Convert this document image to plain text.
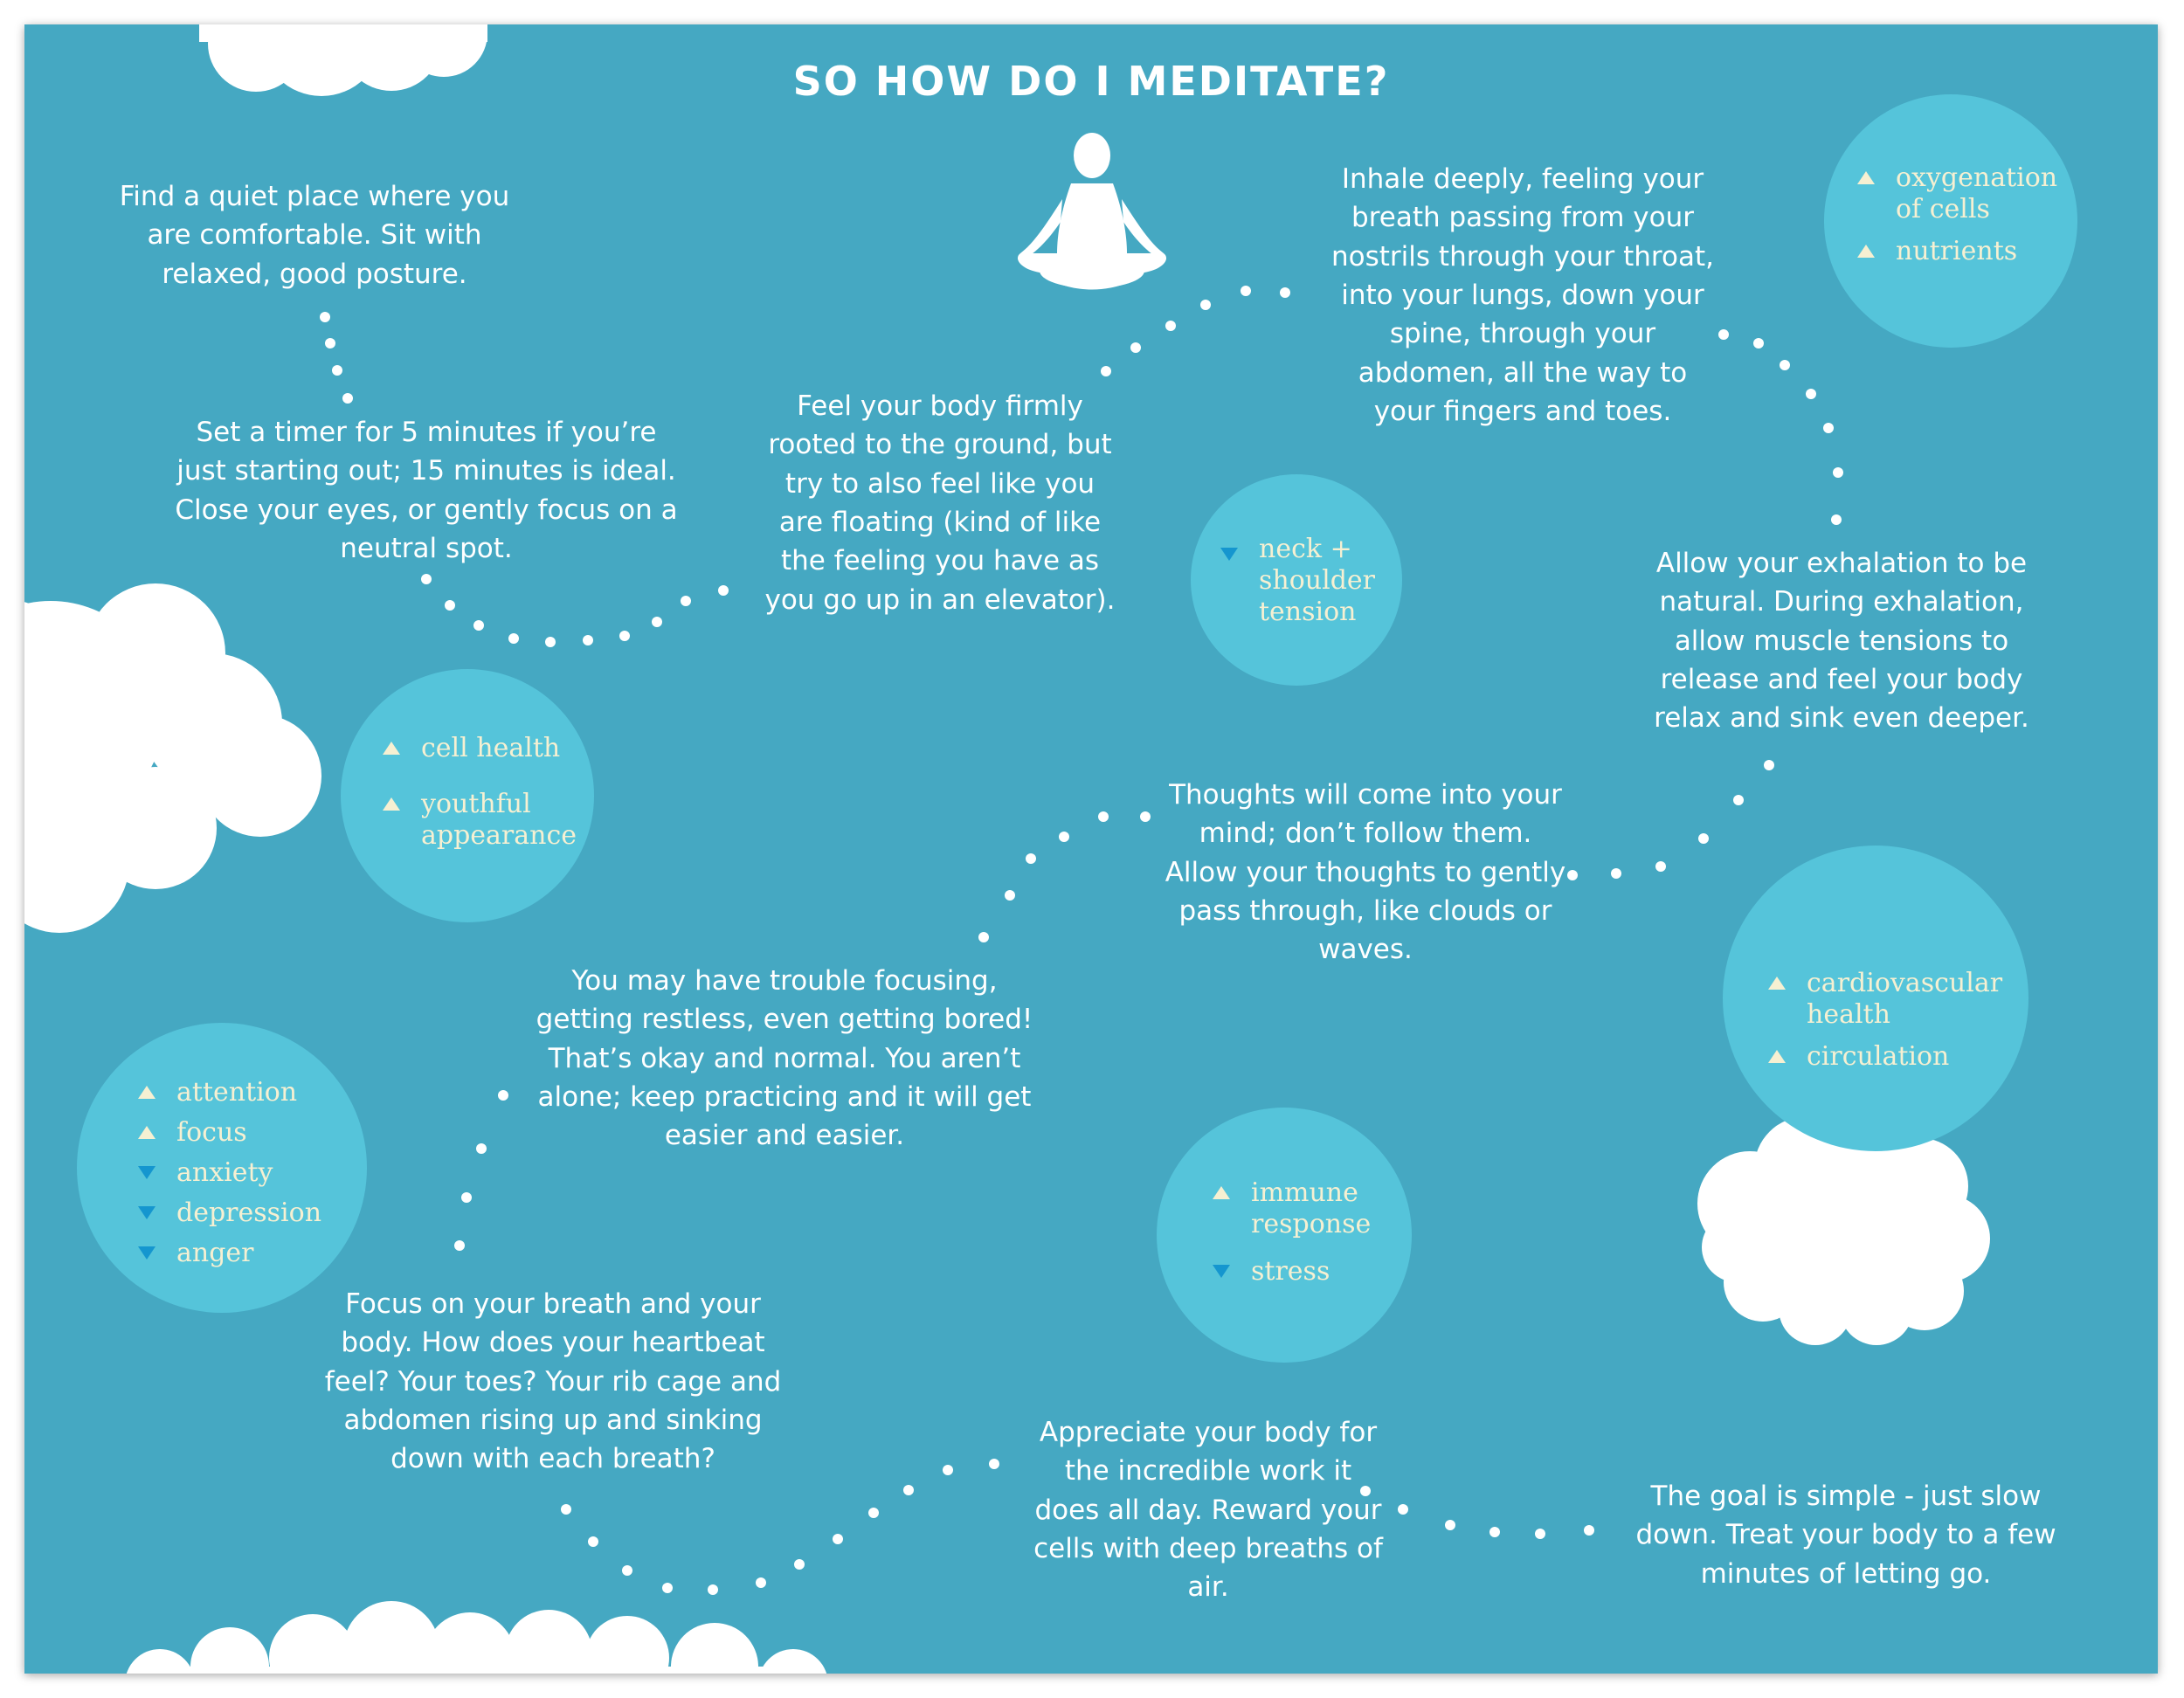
SO HOW DO I MEDITATE?
Find a quiet place where you are comfortable. Sit with relaxed, good posture.
Set a timer for 5 minutes if you’re just starting out; 15 minutes is ideal. Close your eyes, or gently focus on a neutral spot.
Feel your body firmly rooted to the ground, but try to also feel like you are floating (kind of like the feeling you have as you go up in an elevator).
Inhale deeply, feeling your breath passing from your nostrils through your throat, into your lungs, down your spine, through your abdomen, all the way to your fingers and toes.
Allow your exhalation to be natural. During exhalation, allow muscle tensions to release and feel your body relax and sink even deeper.
Thoughts will come into your mind; don’t follow them. Allow your thoughts to gently pass through, like clouds or waves.
You may have trouble focusing, getting restless, even getting bored! That’s okay and normal. You aren’t alone; keep practicing and it will get easier and easier.
Focus on your breath and your body. How does your heartbeat feel? Your toes? Your rib cage and abdomen rising up and sinking down with each breath?
Appreciate your body for the incredible work it does all day. Reward your cells with deep breaths of air.
The goal is simple - just slow down. Treat your body to a few minutes of letting go.
oxygenation of cells
nutrients
neck + shoulder tension
cell health
youthful appearance
cardiovascular health
circulation
attention
focus
anxiety
depression
anger
immune response
stress
